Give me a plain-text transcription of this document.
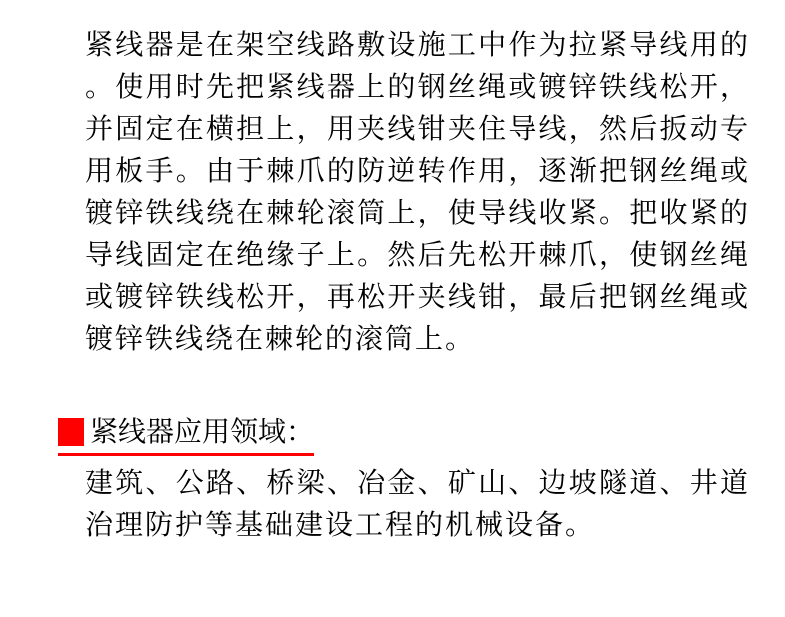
紧线器是在架空线路敷设施工中作为拉紧导线用的
。使用时先把紧线器上的钢丝绳或镀锌铁线松开，
并固定在横担上，用夹线钳夹住导线，然后扳动专
用板手。由于棘爪的防逆转作用，逐渐把钢丝绳或
镀锌铁线绕在棘轮滚筒上，使导线收紧。把收紧的
导线固定在绝缘子上。然后先松开棘爪，使钢丝绳
或镀锌铁线松开，再松开夹线钳，最后把钢丝绳或
镀锌铁线绕在棘轮的滚筒上。
紧线器应用领域：
建筑、公路、桥梁、冶金、矿山、边坡隧道、井道
治理防护等基础建设工程的机械设备。
